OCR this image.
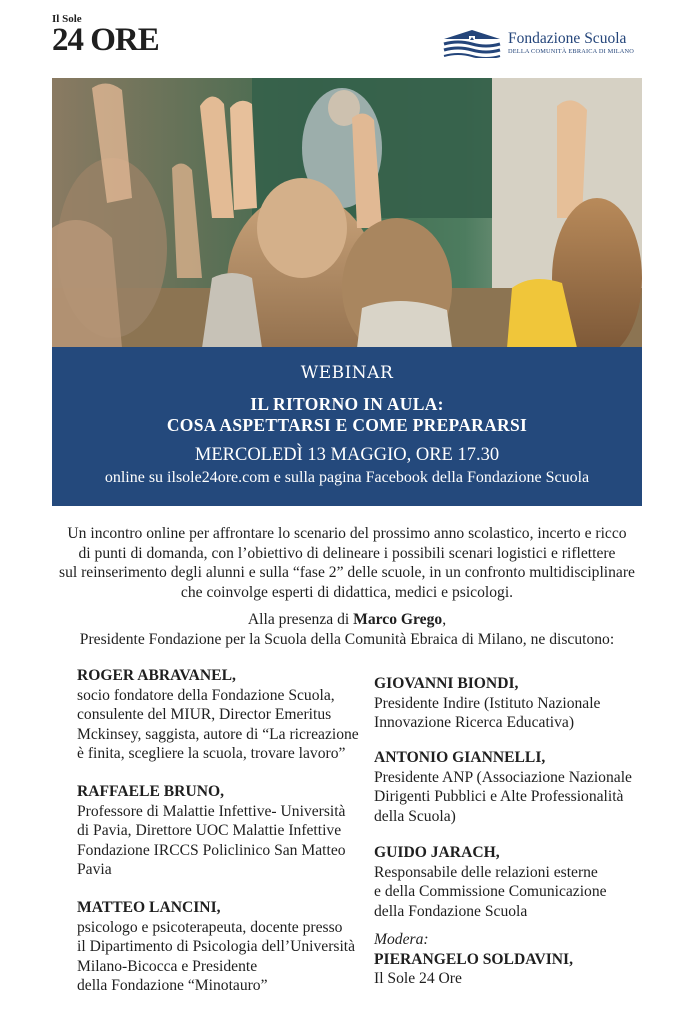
Il Sole
24 ORE	Fondazione Scuola
DELLA COMUNITÀ EBRAICA DI MILANO
WEBINAR
IL RITORNO IN AULA:
COSA ASPETTARSI E COME PREPARARSI
MERCOLEDÌ 13 MAGGIO, ORE 17.30
online su ilsole24ore.com e sulla pagina Facebook della Fondazione Scuola
Un incontro online per affrontare lo scenario del prossimo anno scolastico, incerto e ricco
di punti di domanda, con l’obiettivo di delineare i possibili scenari logistici e riflettere
sul reinserimento degli alunni e sulla “fase 2” delle scuole, in un confronto multidisciplinare
che coinvolge esperti di didattica, medici e psicologi.
Alla presenza di Marco Grego,
Presidente Fondazione per la Scuola della Comunità Ebraica di Milano, ne discutono:
ROGER ABRAVANEL,
socio fondatore della Fondazione Scuola,
consulente del MIUR, Director Emeritus
Mckinsey, saggista, autore di “La ricreazione
è finita, scegliere la scuola, trovare lavoro”
RAFFAELE BRUNO,
Professore di Malattie Infettive- Università
di Pavia, Direttore UOC Malattie Infettive
Fondazione IRCCS Policlinico San Matteo
Pavia
MATTEO LANCINI,
psicologo e psicoterapeuta, docente presso
il Dipartimento di Psicologia dell’Università
Milano-Bicocca e Presidente
della Fondazione “Minotauro”
GIOVANNI BIONDI,
Presidente Indire (Istituto Nazionale
Innovazione Ricerca Educativa)
ANTONIO GIANNELLI,
Presidente ANP (Associazione Nazionale
Dirigenti Pubblici e Alte Professionalità
della Scuola)
GUIDO JARACH,
Responsabile delle relazioni esterne
e della Commissione Comunicazione
della Fondazione Scuola
Modera:
PIERANGELO SOLDAVINI,
Il Sole 24 Ore
